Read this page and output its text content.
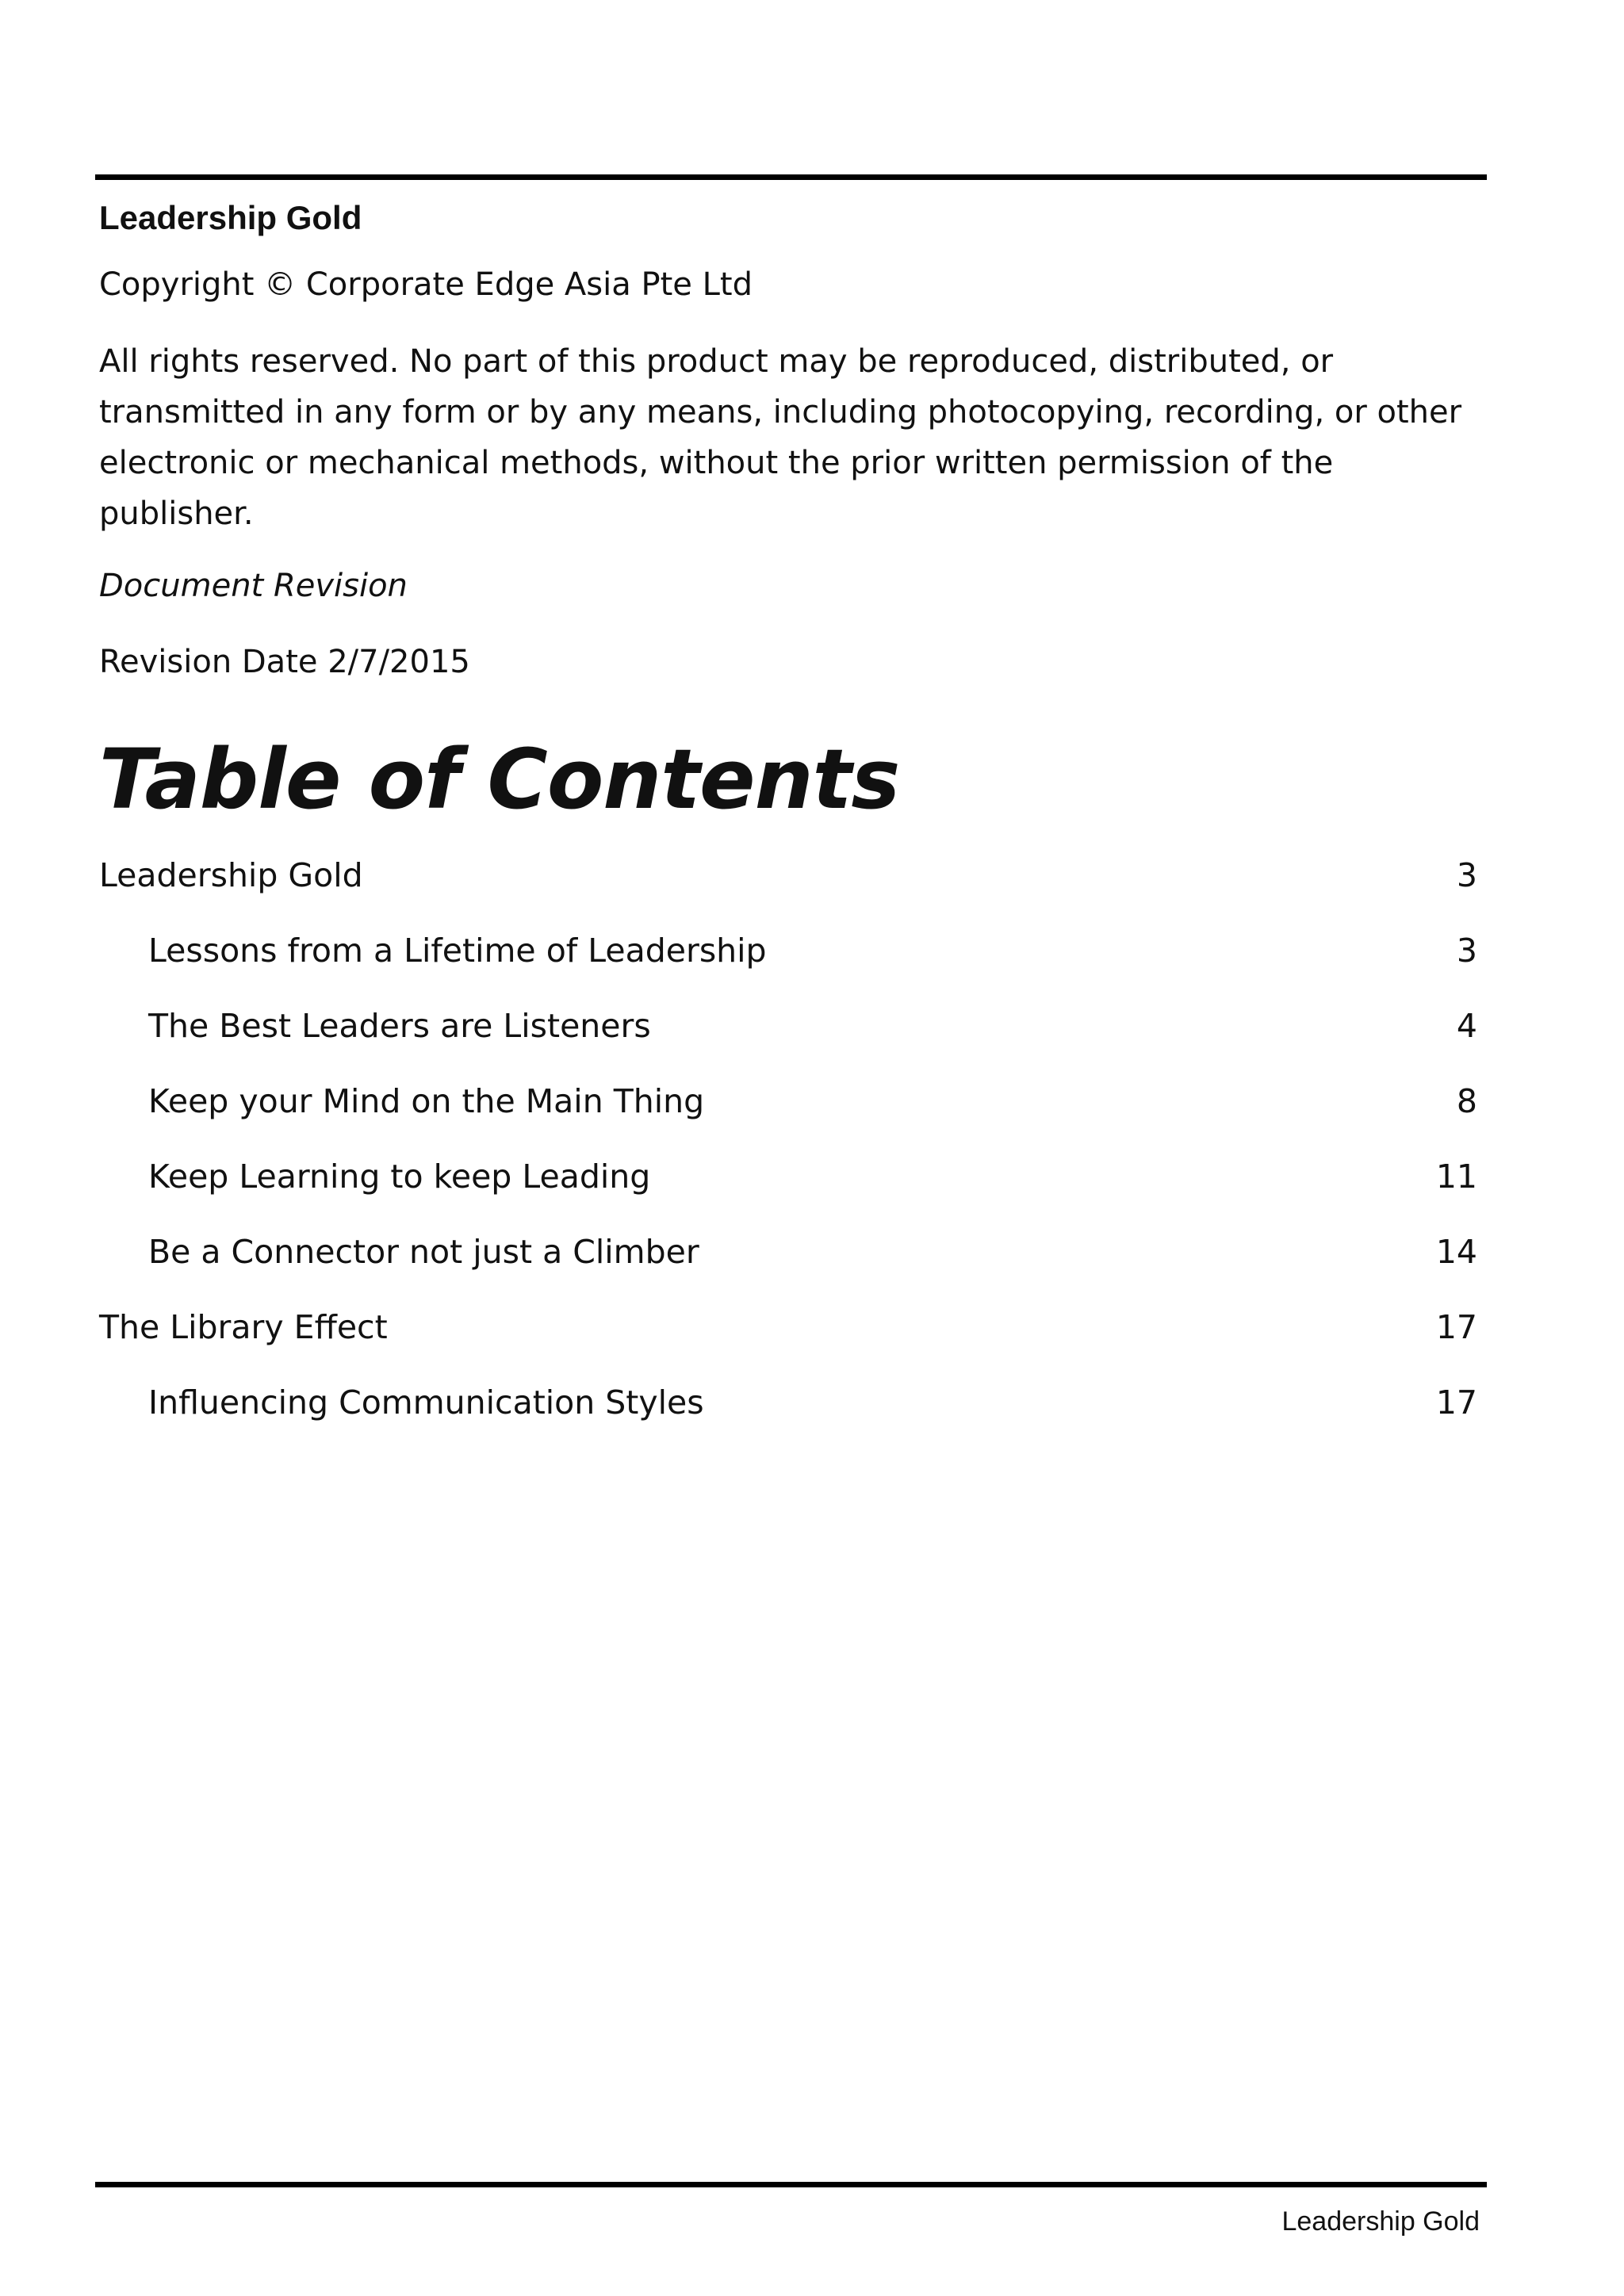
Leadership Gold

Copyright © Corporate Edge Asia Pte Ltd

All rights reserved. No part of this product may be reproduced, distributed, or transmitted in any form or by any means, including photocopying, recording, or other electronic or mechanical methods, without the prior written permission of the publisher.

Document Revision

Revision Date 2/7/2015

Table of Contents
Leadership Gold	3
Lessons from a Lifetime of Leadership	3
The Best Leaders are Listeners	4
Keep your Mind on the Main Thing	8
Keep Learning to keep Leading	11
Be a Connector not just a Climber	14
The Library Effect	17
Influencing Communication Styles	17

Leadership Gold
